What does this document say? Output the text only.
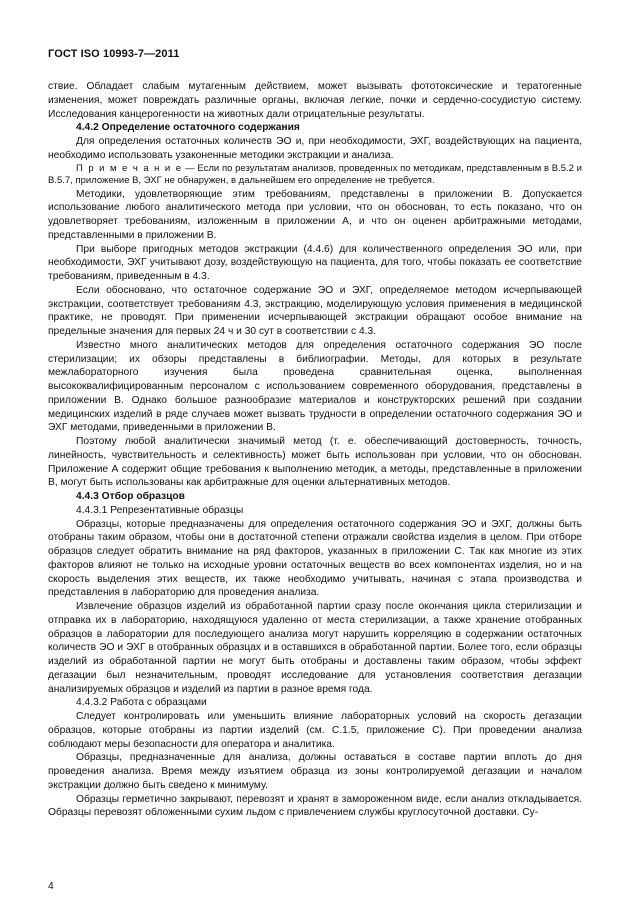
ГОСТ ISO 10993-7—2011

ствие. Обладает слабым мутагенным действием, может вызывать фототоксические и тератогенные изменения, может повреждать различные органы, включая легкие, почки и сердечно-сосудистую систему. Исследования канцерогенности на животных дали отрицательные результаты.

4.4.2 Определение остаточного содержания

Для определения остаточных количеств ЭО и, при необходимости, ЭХГ, воздействующих на пациента, необходимо использовать узаконенные методики экстракции и анализа.

П р и м е ч а н и е — Если по результатам анализов, проведенных по методикам, представленным в В.5.2 и В.5.7, приложение В, ЭХГ не обнаружен, в дальнейшем его определение не требуется.

Методики, удовлетворяющие этим требованиям, представлены в приложении В. Допускается использование любого аналитического метода при условии, что он обоснован, то есть показано, что он удовлетворяет требованиям, изложенным в приложении А, и что он оценен арбитражными методами, представленными в приложении В.

При выборе пригодных методов экстракции (4.4.6) для количественного определения ЭО или, при необходимости, ЭХГ учитывают дозу, воздействующую на пациента, для того, чтобы показать ее соответствие требованиям, приведенным в 4.3.

Если обосновано, что остаточное содержание ЭО и ЭХГ, определяемое методом исчерпывающей экстракции, соответствует требованиям 4.3, экстракцию, моделирующую условия применения в медицинской практике, не проводят. При применении исчерпывающей экстракции обращают особое внимание на предельные значения для первых 24 ч и 30 сут в соответствии с 4.3.

Известно много аналитических методов для определения остаточного содержания ЭО после стерилизации; их обзоры представлены в библиографии. Методы, для которых в результате межлабораторного изучения была проведена сравнительная оценка, выполненная высококвалифицированным персоналом с использованием современного оборудования, представлены в приложении В. Однако большое разнообразие материалов и конструкторских решений при создании медицинских изделий в ряде случаев может вызвать трудности в определении остаточного содержания ЭО и ЭХГ методами, приведенными в приложении В.

Поэтому любой аналитически значимый метод (т. е. обеспечивающий достоверность, точность, линейность, чувствительность и селективность) может быть использован при условии, что он обоснован. Приложение А содержит общие требования к выполнению методик, а методы, представленные в приложении В, могут быть использованы как арбитражные для оценки альтернативных методов.

4.4.3 Отбор образцов

4.4.3.1 Репрезентативные образцы

Образцы, которые предназначены для определения остаточного содержания ЭО и ЭХГ, должны быть отобраны таким образом, чтобы они в достаточной степени отражали свойства изделия в целом. При отборе образцов следует обратить внимание на ряд факторов, указанных в приложении С. Так как многие из этих факторов влияют не только на исходные уровни остаточных веществ во всех компонентах изделия, но и на скорость выделения этих веществ, их также необходимо учитывать, начиная с этапа производства и представления в лабораторию для проведения анализа.

Извлечение образцов изделий из обработанной партии сразу после окончания цикла стерилизации и отправка их в лабораторию, находящуюся удаленно от места стерилизации, а также хранение отобранных образцов в лаборатории для последующего анализа могут нарушить корреляцию в содержании остаточных количеств ЭО и ЭХГ в отобранных образцах и в оставшихся в обработанной партии. Более того, если образцы изделий из обработанной партии не могут быть отобраны и доставлены таким образом, чтобы эффект дегазации был незначительным, проводят исследование для установления соответствия дегазации анализируемых образцов и изделий из партии в разное время года.

4.4.3.2 Работа с образцами

Следует контролировать или уменьшить влияние лабораторных условий на скорость дегазации образцов, которые отобраны из партии изделий (см. С.1.5, приложение С). При проведении анализа соблюдают меры безопасности для оператора и аналитика.

Образцы, предназначенные для анализа, должны оставаться в составе партии вплоть до дня проведения анализа. Время между изъятием образца из зоны контролируемой дегазации и началом экстракции должно быть сведено к минимуму.

Образцы герметично закрывают, перевозят и хранят в замороженном виде, если анализ откладывается. Образцы перевозят обложенными сухим льдом с привлечением службы круглосуточной доставки. Су-

4
